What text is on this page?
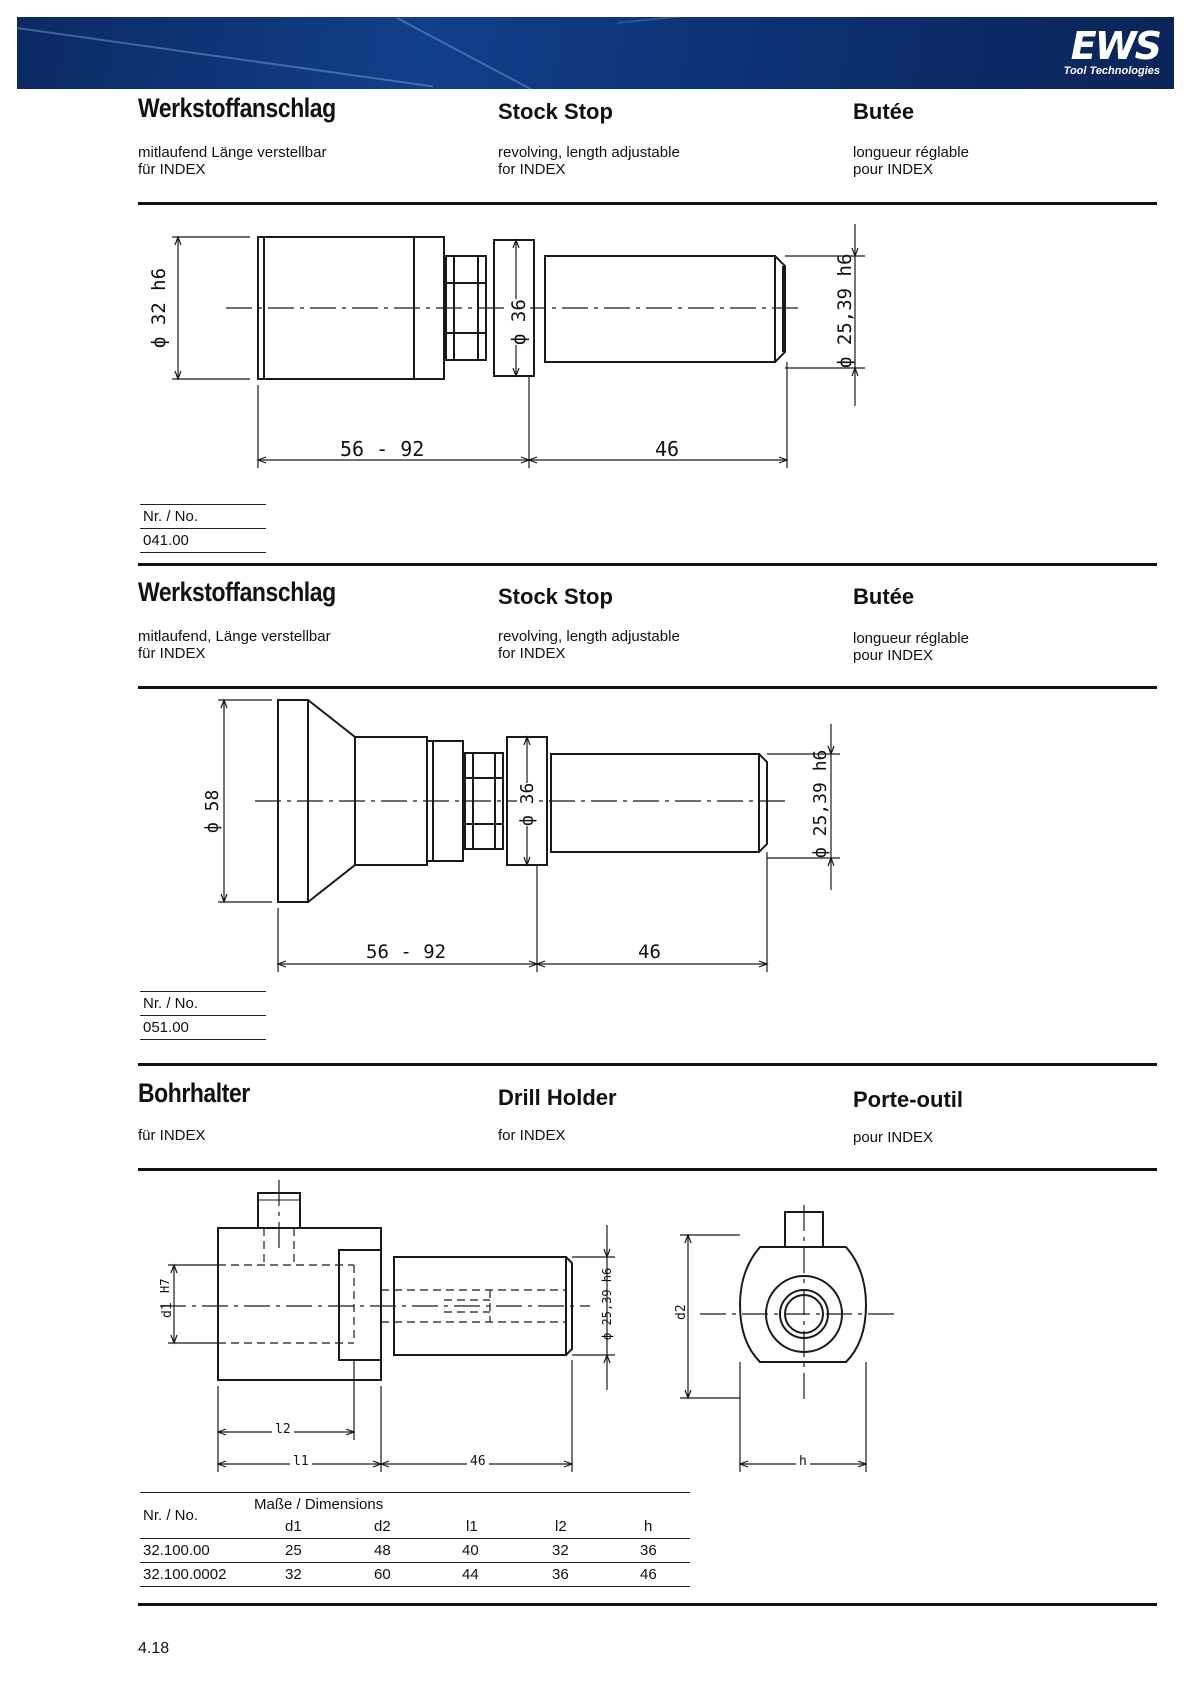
EWS
Tool Technologies
Werkstoffanschlag	Stock Stop	Butée
mitlaufend Länge verstellbar
für INDEX
revolving, length adjustable
for INDEX
longueur réglable
pour INDEX
ф 32 h6	ф 36	ф 25,39 h6
56 - 92	46
Nr. / No.
041.00
Werkstoffanschlag	Stock Stop	Butée
mitlaufend, Länge verstellbar
für INDEX
revolving, length adjustable
for INDEX
longueur réglable
pour INDEX
ф 58	ф 36	ф 25,39 h6
56 - 92	46
Nr. / No.
051.00
Bohrhalter	Drill Holder	Porte-outil
für INDEX	for INDEX	pour INDEX
d1
H7	ф 25,39 h6
l2
l1	46
d2
h
Nr. / No.
Maße / Dimensions
d1	d2	l1	l2	h
32.100.00	25	48	40	32	36
32.100.0002	32	60	44	36	46
4.18
